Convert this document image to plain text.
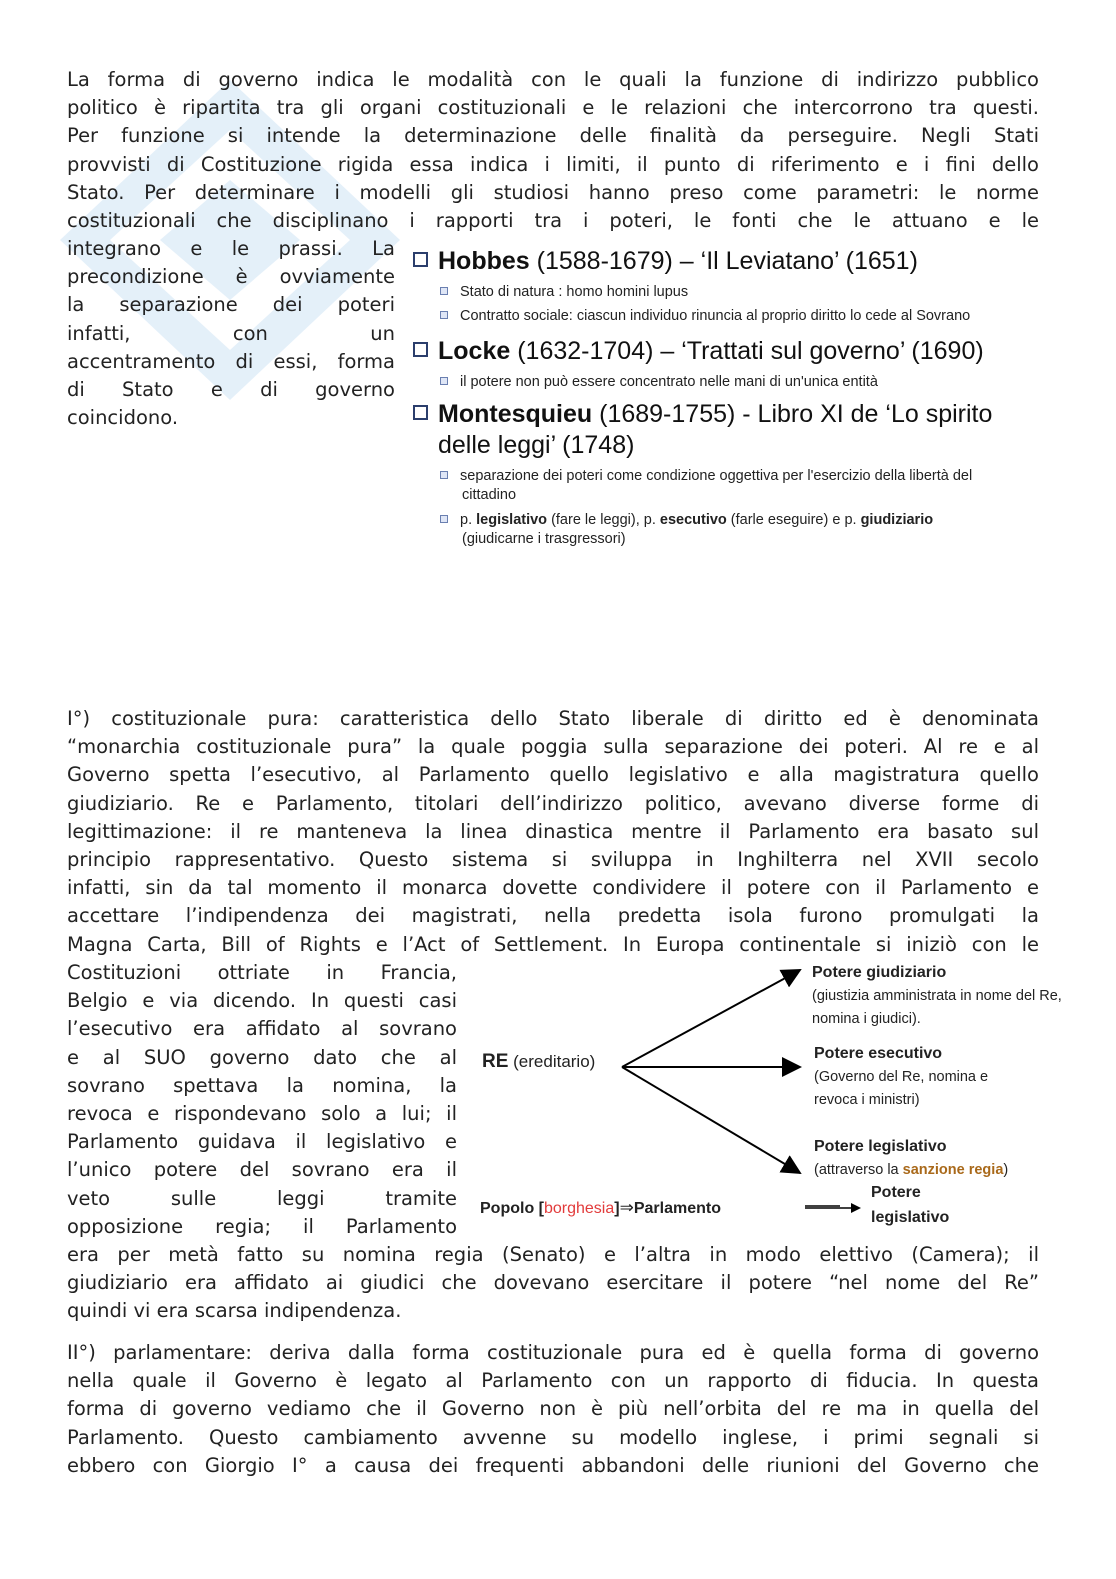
La forma di governo indica le modalità con le quali la funzione di indirizzo pubblico
politico è ripartita tra gli organi costituzionali e le relazioni che intercorrono tra questi.
Per funzione si intende la determinazione delle finalità da perseguire. Negli Stati
provvisti di Costituzione rigida essa indica i limiti, il punto di riferimento e i fini dello
Stato. Per determinare i modelli gli studiosi hanno preso come parametri: le norme
costituzionali che disciplinano i rapporti tra i poteri, le fonti che le attuano e le
integrano e le prassi. La
precondizione è ovviamente
la separazione dei poteri
infatti, con un
accentramento di essi, forma
di Stato e di governo
coincidono.
Hobbes (1588-1679) – ‘Il Leviatano’ (1651)
Stato di natura : homo homini lupus
Contratto sociale: ciascun individuo rinuncia al proprio diritto lo cede al Sovrano
Locke (1632-1704) – ‘Trattati sul governo’ (1690)
il potere non può essere concentrato nelle mani di un'unica entità
Montesquieu (1689-1755) - Libro XI de ‘Lo spirito
delle leggi’ (1748)
separazione dei poteri come condizione oggettiva per l'esercizio della libertà del
cittadino
p. legislativo (fare le leggi), p. esecutivo (farle eseguire) e p. giudiziario
(giudicarne i trasgressori)
I°) costituzionale pura: caratteristica dello Stato liberale di diritto ed è denominata
“monarchia costituzionale pura” la quale poggia sulla separazione dei poteri. Al re e al
Governo spetta l’esecutivo, al Parlamento quello legislativo e alla magistratura quello
giudiziario. Re e Parlamento, titolari dell’indirizzo politico, avevano diverse forme di
legittimazione: il re manteneva la linea dinastica mentre il Parlamento era basato sul
principio rappresentativo. Questo sistema si sviluppa in Inghilterra nel XVII secolo
infatti, sin da tal momento il monarca dovette condividere il potere con il Parlamento e
accettare l’indipendenza dei magistrati, nella predetta isola furono promulgati la
Magna Carta, Bill of Rights e l’Act of Settlement. In Europa continentale si iniziò con le
Costituzioni ottriate in Francia,
Belgio e via dicendo. In questi casi
l’esecutivo era affidato al sovrano
e al SUO governo dato che al
sovrano spettava la nomina, la
revoca e rispondevano solo a lui; il
Parlamento guidava il legislativo e
l’unico potere del sovrano era il
veto sulle leggi tramite
opposizione regia; il Parlamento
era per metà fatto su nomina regia (Senato) e l’altra in modo elettivo (Camera); il
giudiziario era affidato ai giudici che dovevano esercitare il potere “nel nome del Re”
quindi vi era scarsa indipendenza.
RE (ereditario)
Potere giudiziario
(giustizia amministrata in nome del Re,
nomina i giudici).
Potere esecutivo
(Governo del Re, nomina e
revoca i ministri)
Potere legislativo
(attraverso la sanzione regia)
Popolo [borghesia]⇒Parlamento
Potere
legislativo
II°) parlamentare: deriva dalla forma costituzionale pura ed è quella forma di governo
nella quale il Governo è legato al Parlamento con un rapporto di fiducia. In questa
forma di governo vediamo che il Governo non è più nell’orbita del re ma in quella del
Parlamento. Questo cambiamento avvenne su modello inglese, i primi segnali si
ebbero con Giorgio I° a causa dei frequenti abbandoni delle riunioni del Governo che
